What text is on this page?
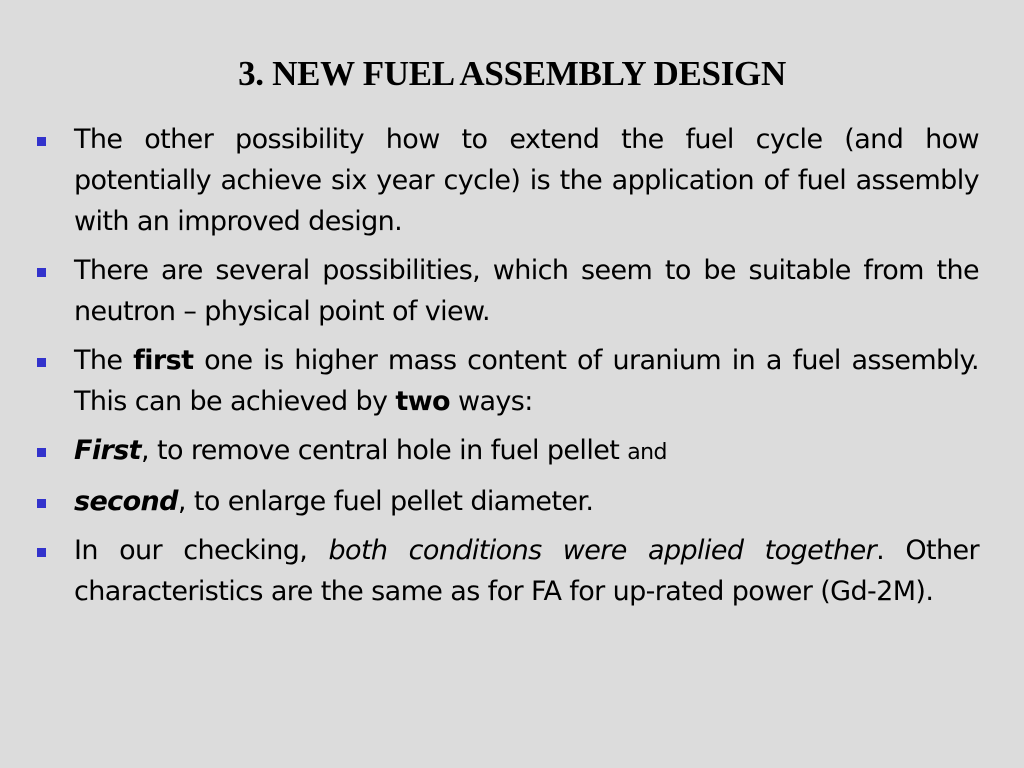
3. NEW FUEL ASSEMBLY DESIGN
The other possibility how to extend the fuel cycle (and how potentially achieve six year cycle) is the application of fuel assembly with an improved design.
There are several possibilities, which seem to be suitable from the neutron – physical point of view.
The first one is higher mass content of uranium in a fuel assembly. This can be achieved by two ways:
First, to remove central hole in fuel pellet and
second, to enlarge fuel pellet diameter.
In our checking, both conditions were applied together. Other characteristics are the same as for FA for up-rated power (Gd-2M).
